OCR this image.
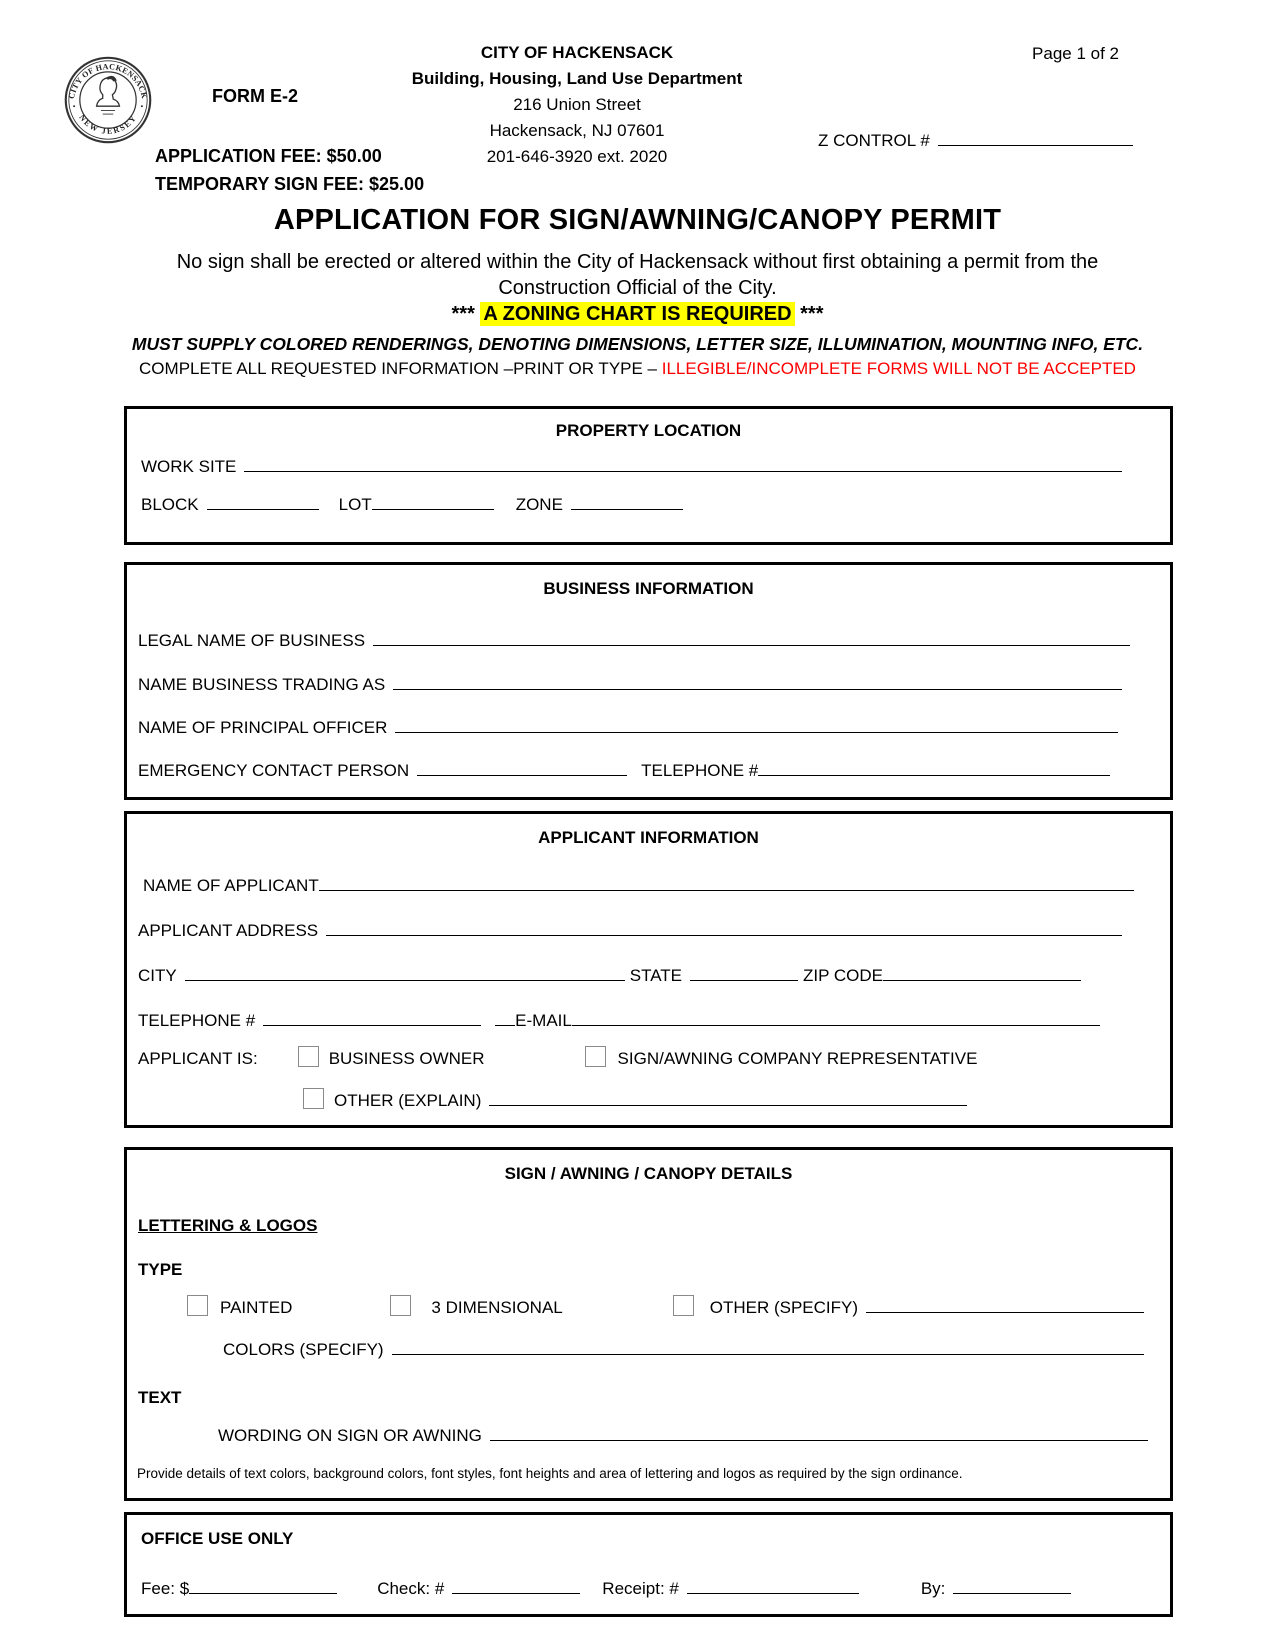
CITY OF HACKENSACK
NEW JERSEY
CITY OF HACKENSACK
Building, Housing, Land Use Department
216 Union Street
Hackensack, NJ 07601
201-646-3920 ext. 2020
Page 1 of 2
FORM E-2
APPLICATION FEE: $50.00
TEMPORARY SIGN FEE: $25.00
Z CONTROL #
APPLICATION FOR SIGN/AWNING/CANOPY PERMIT
No sign shall be erected or altered within the City of Hackensack without first obtaining a permit from the
Construction Official of the City.
*** A ZONING CHART IS REQUIRED ***
MUST SUPPLY COLORED RENDERINGS, DENOTING DIMENSIONS, LETTER SIZE, ILLUMINATION, MOUNTING INFO, ETC.
COMPLETE ALL REQUESTED INFORMATION –PRINT OR TYPE – ILLEGIBLE/INCOMPLETE FORMS WILL NOT BE ACCEPTED
PROPERTY LOCATION
WORK SITE
BLOCK	LOT	ZONE
BUSINESS INFORMATION
LEGAL NAME OF BUSINESS
NAME BUSINESS TRADING AS
NAME OF PRINCIPAL OFFICER
EMERGENCY CONTACT PERSON	TELEPHONE #
APPLICANT INFORMATION
NAME OF APPLICANT
APPLICANT ADDRESS
CITY	STATE	ZIP CODE
TELEPHONE #	E-MAIL
APPLICANT IS:	BUSINESS OWNER	SIGN/AWNING COMPANY REPRESENTATIVE
OTHER (EXPLAIN)
SIGN / AWNING / CANOPY DETAILS
LETTERING & LOGOS
TYPE
PAINTED	3 DIMENSIONAL	OTHER (SPECIFY)
COLORS (SPECIFY)
TEXT
WORDING ON SIGN OR AWNING
Provide details of text colors, background colors, font styles, font heights and area of lettering and logos as required by the sign ordinance.
OFFICE USE ONLY
Fee: $	Check: #	Receipt: #	By:
